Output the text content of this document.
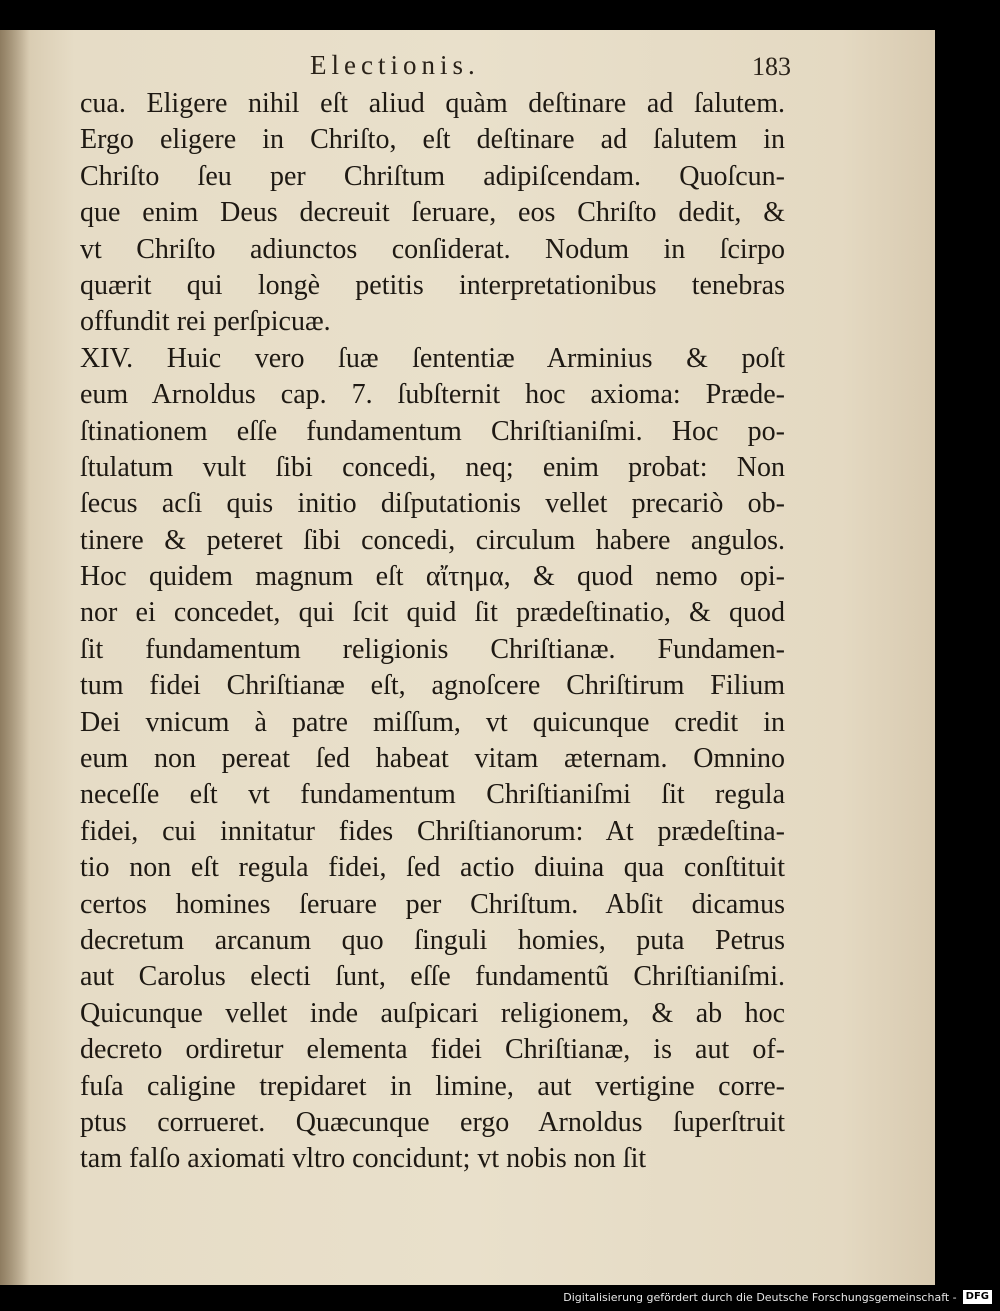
Electionis.	183
cua. Eligere nihil eſt aliud quàm deſtinare ad ſalutem.
Ergo eligere in Chriſto, eſt deſtinare ad ſalutem in
Chriſto ſeu per Chriſtum adipiſcendam. Quoſcun-
que enim Deus decreuit ſeruare, eos Chriſto dedit, &
vt Chriſto adiunctos conſiderat. Nodum in ſcirpo
quærit qui longè petitis interpretationibus tenebras
offundit rei perſpicuæ.
XIV. Huic vero ſuæ ſententiæ Arminius & poſt
eum Arnoldus cap. 7. ſubſternit hoc axioma: Præde-
ſtinationem eſſe fundamentum Chriſtianiſmi. Hoc po-
ſtulatum vult ſibi concedi, neq; enim probat: Non
ſecus acſi quis initio diſputationis vellet precariò ob-
tinere & peteret ſibi concedi, circulum habere angulos.
Hoc quidem magnum eſt αἴτημα, & quod nemo opi-
nor ei concedet, qui ſcit quid ſit prædeſtinatio, & quod
ſit fundamentum religionis Chriſtianæ. Fundamen-
tum fidei Chriſtianæ eſt, agnoſcere Chriſtirum Filium
Dei vnicum à patre miſſum, vt quicunque credit in
eum non pereat ſed habeat vitam æternam. Omnino
neceſſe eſt vt fundamentum Chriſtianiſmi ſit regula
fidei, cui innitatur fides Chriſtianorum: At prædeſtina-
tio non eſt regula fidei, ſed actio diuina qua conſtituit
certos homines ſeruare per Chriſtum. Abſit dicamus
decretum arcanum quo ſinguli homies, puta Petrus
aut Carolus electi ſunt, eſſe fundamentũ Chriſtianiſmi.
Quicunque vellet inde auſpicari religionem, & ab hoc
decreto ordiretur elementa fidei Chriſtianæ, is aut of-
fuſa caligine trepidaret in limine, aut vertigine corre-
ptus corrueret. Quæcunque ergo Arnoldus ſuperſtruit
tam falſo axiomati vltro concidunt; vt nobis non ſit
Digitalisierung gefördert durch die Deutsche Forschungsgemeinschaft - DFG
